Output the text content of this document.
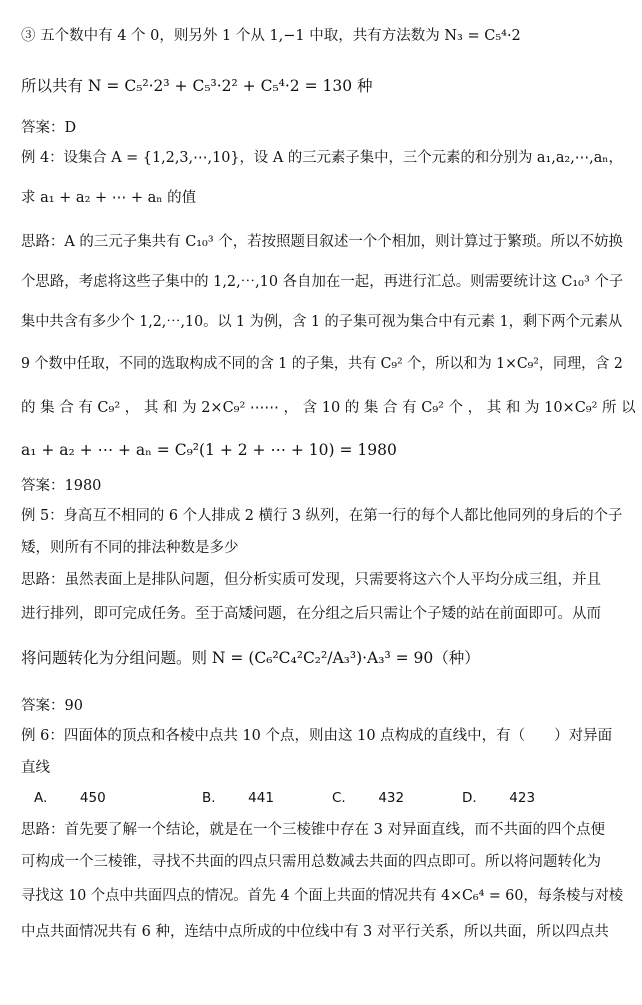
③ 五个数中有 4 个 0，则另外 1 个从 1,−1 中取，共有方法数为 N₃ = C₅⁴·2
所以共有 N = C₅²·2³ + C₅³·2² + C₅⁴·2 = 130 种
答案：D
例 4：设集合 A = {1,2,3,⋯,10}，设 A 的三元素子集中，三个元素的和分别为 a₁,a₂,⋯,aₙ，
求 a₁ + a₂ + ⋯ + aₙ 的值
思路：A 的三元子集共有 C₁₀³ 个，若按照题目叙述一个个相加，则计算过于繁琐。所以不妨换
个思路，考虑将这些子集中的 1,2,⋯,10 各自加在一起，再进行汇总。则需要统计这 C₁₀³ 个子
集中共含有多少个 1,2,⋯,10。以 1 为例，含 1 的子集可视为集合中有元素 1，剩下两个元素从
9 个数中任取，不同的选取构成不同的含 1 的子集，共有 C₉² 个，所以和为 1×C₉²，同理，含 2
的 集 合 有 C₉² ， 其 和 为 2×C₉² ⋯⋯ ， 含 10 的 集 合 有 C₉² 个 ， 其 和 为 10×C₉² 所 以
a₁ + a₂ + ⋯ + aₙ = C₉²(1 + 2 + ⋯ + 10) = 1980
答案：1980
例 5：身高互不相同的 6 个人排成 2 横行 3 纵列，在第一行的每个人都比他同列的身后的个子
矮，则所有不同的排法种数是多少
思路：虽然表面上是排队问题，但分析实质可发现，只需要将这六个人平均分成三组，并且
进行排列，即可完成任务。至于高矮问题，在分组之后只需让个子矮的站在前面即可。从而
将问题转化为分组问题。则 N = (C₆²C₄²C₂²/A₃³)·A₃³ = 90（种）
答案：90
例 6：四面体的顶点和各棱中点共 10 个点，则由这 10 点构成的直线中，有（　　）对异面
直线
A. 450	B. 441	C. 432	D. 423
思路：首先要了解一个结论，就是在一个三棱锥中存在 3 对异面直线，而不共面的四个点便
可构成一个三棱锥，寻找不共面的四点只需用总数减去共面的四点即可。所以将问题转化为
寻找这 10 个点中共面四点的情况。首先 4 个面上共面的情况共有 4×C₆⁴ = 60，每条棱与对棱
中点共面情况共有 6 种，连结中点所成的中位线中有 3 对平行关系，所以共面，所以四点共
